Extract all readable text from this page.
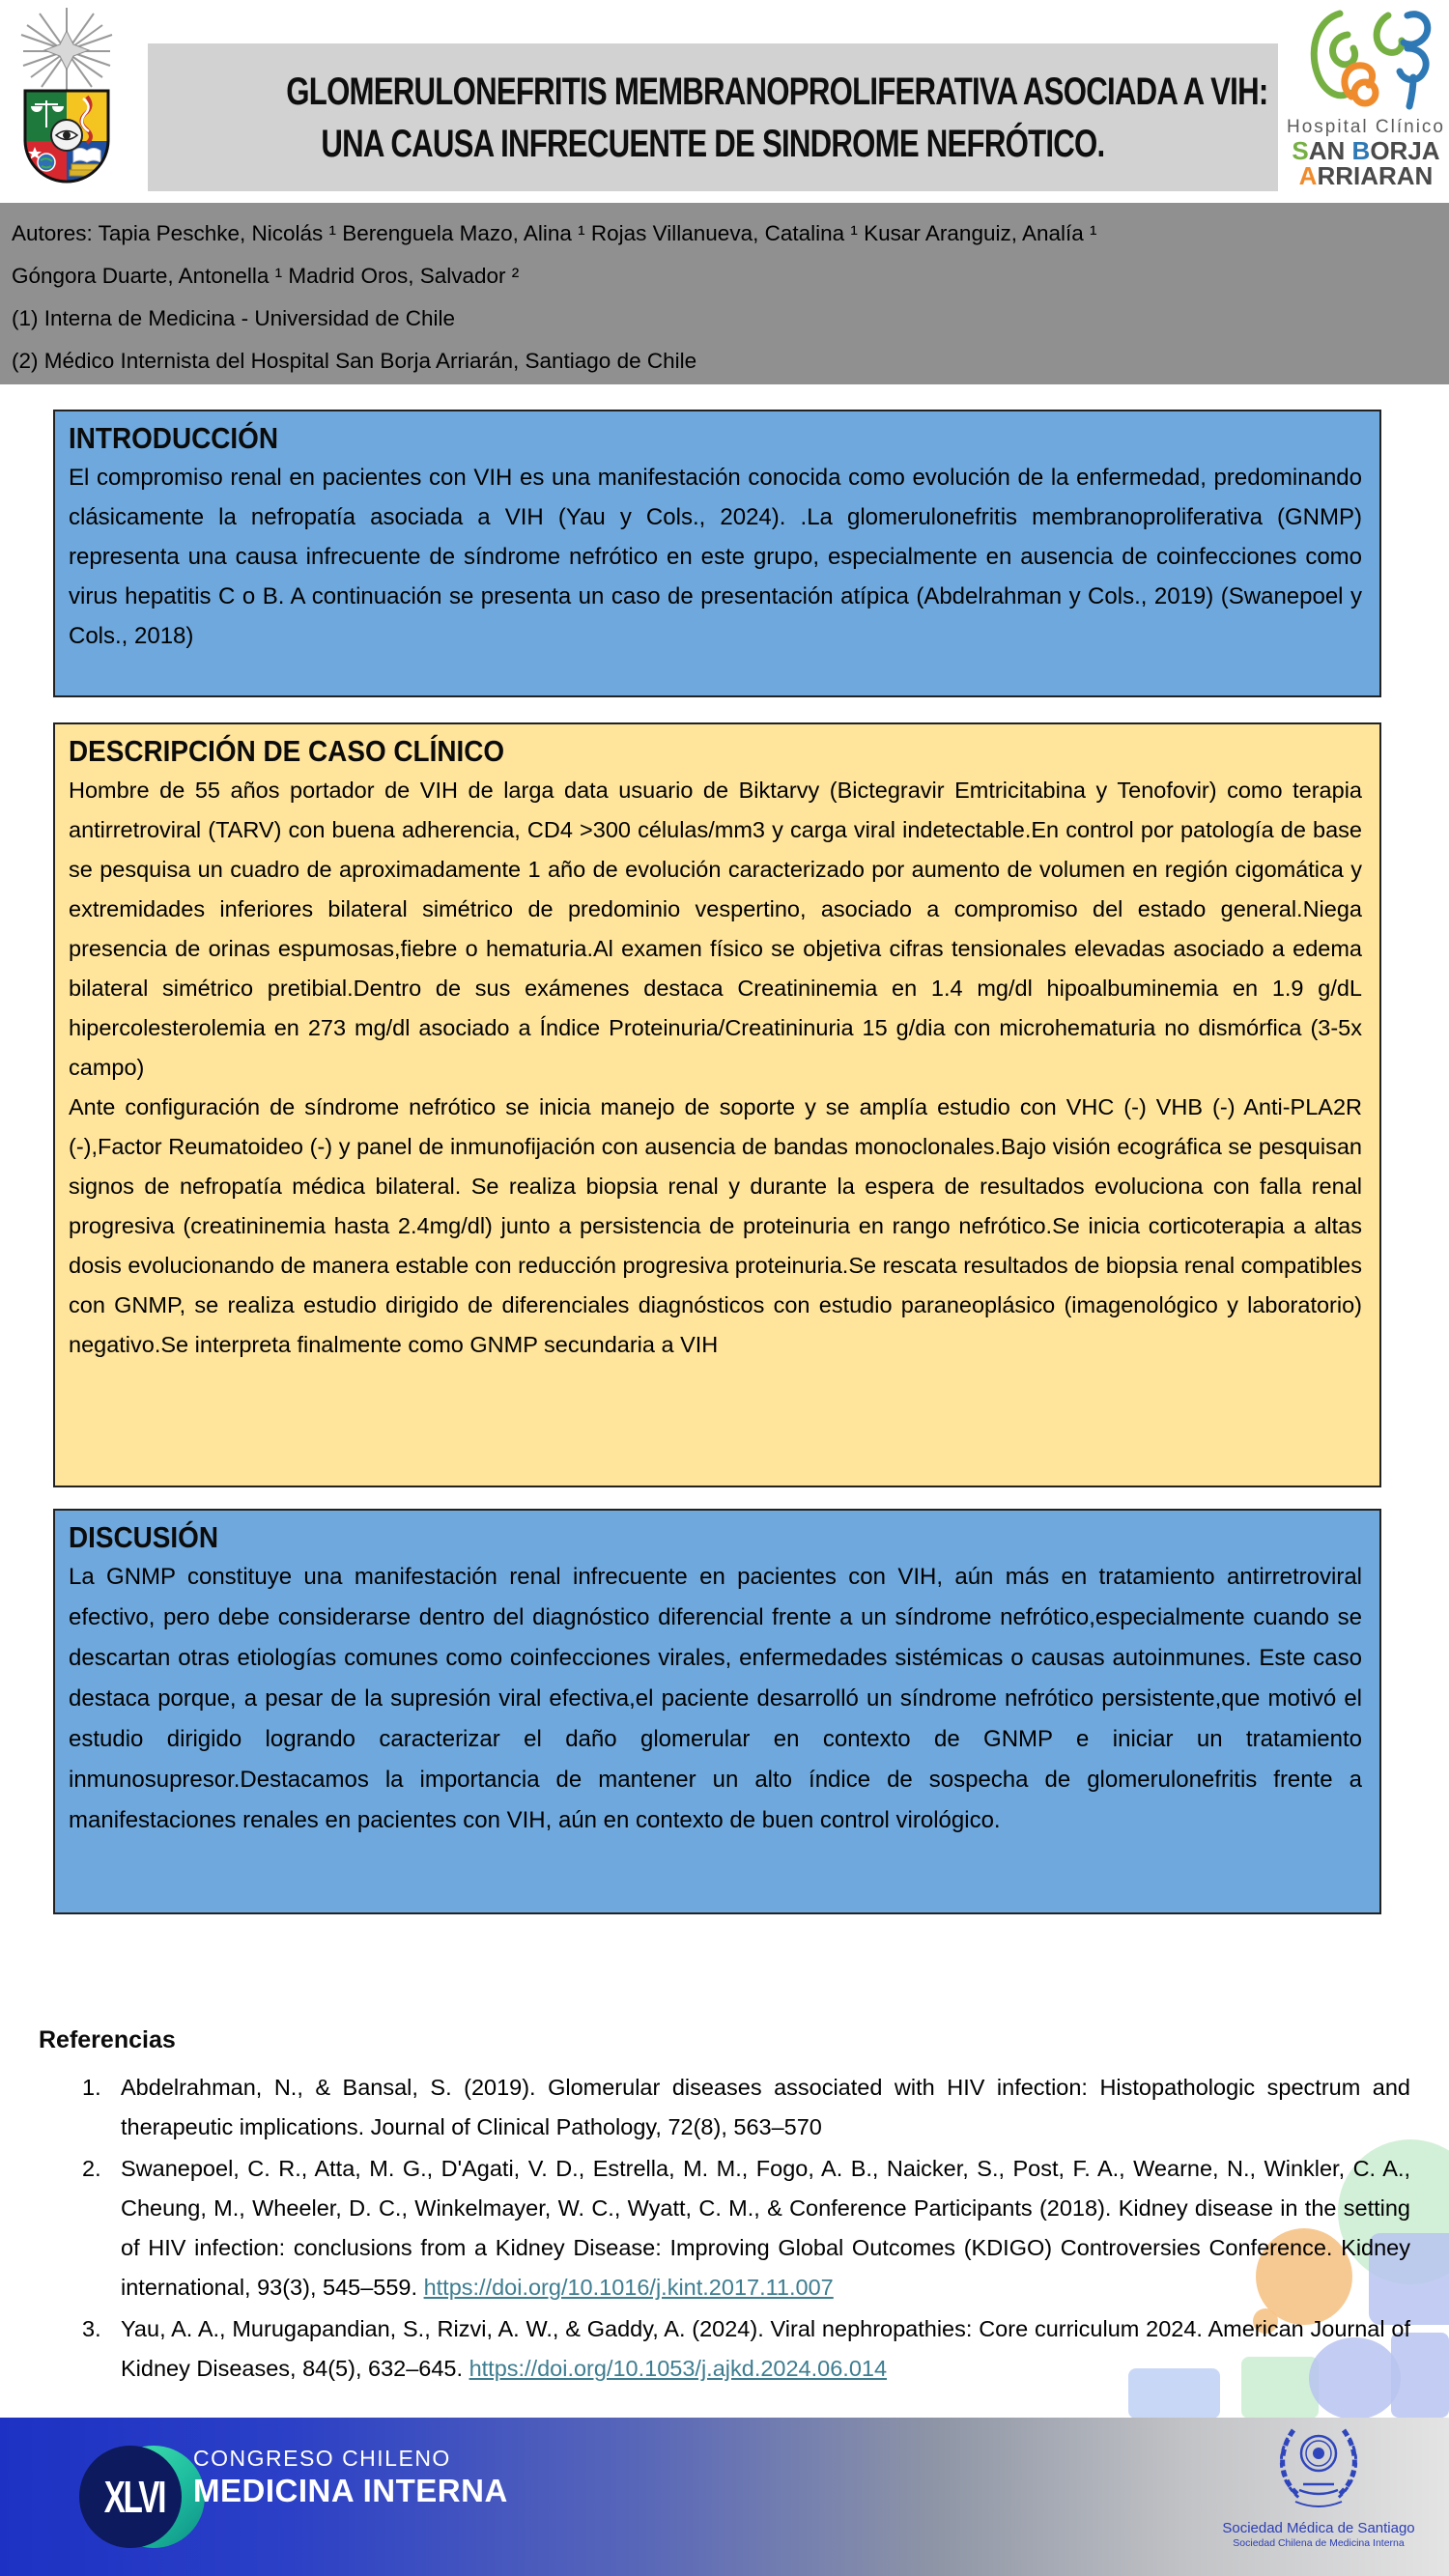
GLOMERULONEFRITIS MEMBRANOPROLIFERATIVA ASOCIADA A VIH:
UNA CAUSA INFRECUENTE DE SINDROME NEFRÓTICO.	Hospital Clínico
SAN BORJA
ARRIARAN
Autores: Tapia Peschke, Nicolás ¹ Berenguela Mazo, Alina ¹ Rojas Villanueva, Catalina ¹ Kusar Aranguiz, Analía ¹
Góngora Duarte, Antonella ¹ Madrid Oros, Salvador ²
(1) Interna de Medicina - Universidad de Chile
(2) Médico Internista del Hospital San Borja Arriarán, Santiago de Chile
INTRODUCCIÓN
El compromiso renal en pacientes con VIH es una manifestación conocida como evolución de la enfermedad, predominando clásicamente la nefropatía asociada a VIH (Yau y Cols., 2024). .La glomerulonefritis membranoproliferativa (GNMP) representa una causa infrecuente de síndrome nefrótico en este grupo, especialmente en ausencia de coinfecciones como virus hepatitis C o B. A continuación se presenta un caso de presentación atípica (Abdelrahman y Cols., 2019) (Swanepoel y Cols., 2018)
DESCRIPCIÓN DE CASO CLÍNICO
Hombre de 55 años portador de VIH de larga data usuario de Biktarvy (Bictegravir Emtricitabina y Tenofovir) como terapia antirretroviral (TARV) con buena adherencia, CD4 >300 células/mm3 y carga viral indetectable.En control por patología de base se pesquisa un cuadro de aproximadamente 1 año de evolución caracterizado por aumento de volumen en región cigomática y extremidades inferiores bilateral simétrico de predominio vespertino, asociado a compromiso del estado general.Niega presencia de orinas espumosas,fiebre o hematuria.Al examen físico se objetiva cifras tensionales elevadas asociado a edema bilateral simétrico pretibial.Dentro de sus exámenes destaca Creatininemia en 1.4 mg/dl hipoalbuminemia en 1.9 g/dL hipercolesterolemia en 273 mg/dl asociado a Índice Proteinuria/Creatininuria 15 g/dia con microhematuria no dismórfica (3-5x campo)
Ante configuración de síndrome nefrótico se inicia manejo de soporte y se amplía estudio con VHC (-) VHB (-) Anti-PLA2R (-),Factor Reumatoideo (-) y panel de inmunofijación con ausencia de bandas monoclonales.Bajo visión ecográfica se pesquisan signos de nefropatía médica bilateral. Se realiza biopsia renal y durante la espera de resultados evoluciona con falla renal progresiva (creatininemia hasta 2.4mg/dl) junto a persistencia de proteinuria en rango nefrótico.Se inicia corticoterapia a altas dosis evolucionando de manera estable con reducción progresiva proteinuria.Se rescata resultados de biopsia renal compatibles con GNMP, se realiza estudio dirigido de diferenciales diagnósticos con estudio paraneoplásico (imagenológico y laboratorio) negativo.Se interpreta finalmente como GNMP secundaria a VIH
DISCUSIÓN
La GNMP constituye una manifestación renal infrecuente en pacientes con VIH, aún más en tratamiento antirretroviral efectivo, pero debe considerarse dentro del diagnóstico diferencial frente a un síndrome nefrótico,especialmente cuando se descartan otras etiologías comunes como coinfecciones virales, enfermedades sistémicas o causas autoinmunes. Este caso destaca porque, a pesar de la supresión viral efectiva,el paciente desarrolló un síndrome nefrótico persistente,que motivó el estudio dirigido logrando caracterizar el daño glomerular en contexto de GNMP e iniciar un tratamiento inmunosupresor.Destacamos la importancia de mantener un alto índice de sospecha de glomerulonefritis frente a manifestaciones renales en pacientes con VIH, aún en contexto de buen control virológico.
XLVI
CONGRESO CHILENO
MEDICINA INTERNA
Sociedad Médica de Santiago
Sociedad Chilena de Medicina Interna
Referencias
1. Abdelrahman, N., & Bansal, S. (2019). Glomerular diseases associated with HIV infection: Histopathologic spectrum and therapeutic implications. Journal of Clinical Pathology, 72(8), 563–570
2. Swanepoel, C. R., Atta, M. G., D'Agati, V. D., Estrella, M. M., Fogo, A. B., Naicker, S., Post, F. A., Wearne, N., Winkler, C. A., Cheung, M., Wheeler, D. C., Winkelmayer, W. C., Wyatt, C. M., & Conference Participants (2018). Kidney disease in the setting of HIV infection: conclusions from a Kidney Disease: Improving Global Outcomes (KDIGO) Controversies Conference. Kidney international, 93(3), 545–559. https://doi.org/10.1016/j.kint.2017.11.007
3. Yau, A. A., Murugapandian, S., Rizvi, A. W., & Gaddy, A. (2024). Viral nephropathies: Core curriculum 2024. American Journal of Kidney Diseases, 84(5), 632–645. https://doi.org/10.1053/j.ajkd.2024.06.014
